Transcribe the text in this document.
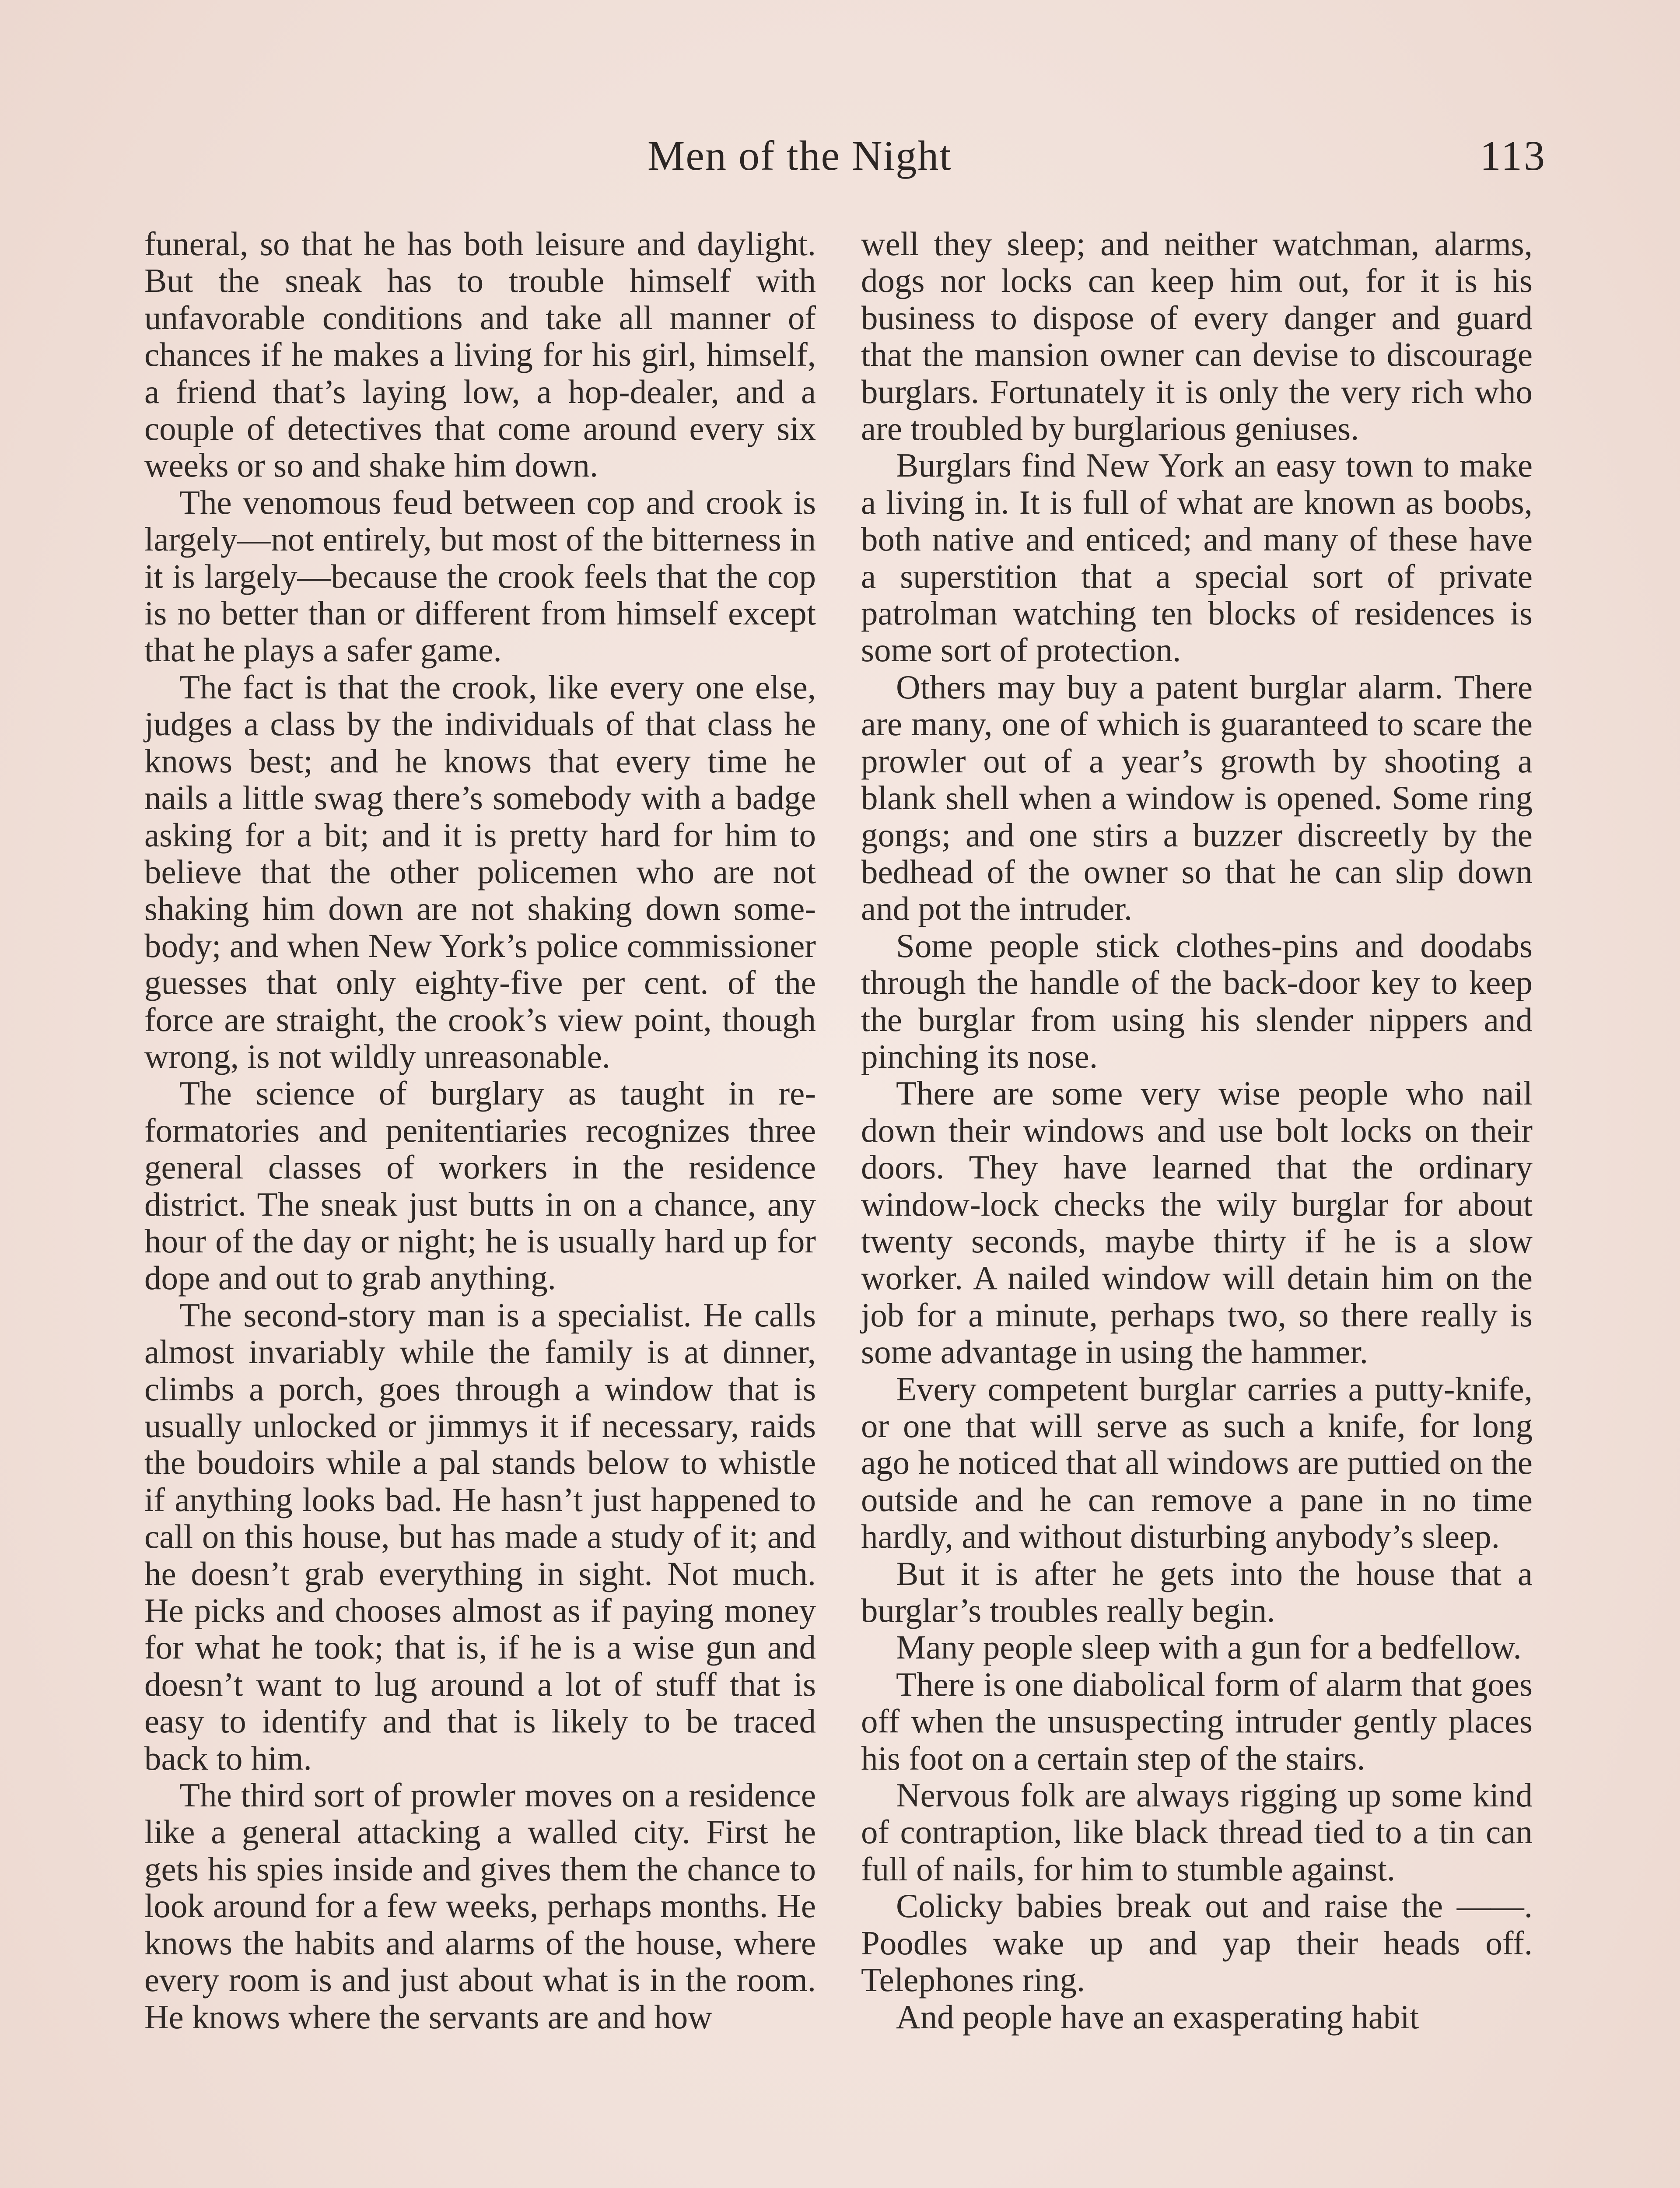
Men of the Night	113

funeral, so that he has both leisure and daylight. But the sneak has to trouble himself with unfavorable conditions and take all manner of chances if he makes a living for his girl, himself, a friend that’s laying low, a hop-dealer, and a couple of detectives that come around every six weeks or so and shake him down.

The venomous feud between cop and crook is largely—not entirely, but most of the bitterness in it is largely—because the crook feels that the cop is no better than or different from himself except that he plays a safer game.

The fact is that the crook, like every one else, judges a class by the individuals of that class he knows best; and he knows that every time he nails a little swag there’s somebody with a badge asking for a bit; and it is pretty hard for him to believe that the other policemen who are not shaking him down are not shaking down somebody; and when New York’s police commissioner guesses that only eighty-five per cent. of the force are straight, the crook’s view point, though wrong, is not wildly unreasonable.

The science of burglary as taught in reformatories and penitentiaries recognizes three general classes of workers in the residence district. The sneak just butts in on a chance, any hour of the day or night; he is usually hard up for dope and out to grab anything.

The second-story man is a specialist. He calls almost invariably while the family is at dinner, climbs a porch, goes through a window that is usually unlocked or jimmys it if necessary, raids the boudoirs while a pal stands below to whistle if anything looks bad. He hasn’t just happened to call on this house, but has made a study of it; and he doesn’t grab everything in sight. Not much. He picks and chooses almost as if paying money for what he took; that is, if he is a wise gun and doesn’t want to lug around a lot of stuff that is easy to identify and that is likely to be traced back to him.

The third sort of prowler moves on a residence like a general attacking a walled city. First he gets his spies inside and gives them the chance to look around for a few weeks, perhaps months. He knows the habits and alarms of the house, where every room is and just about what is in the room. He knows where the servants are and how

well they sleep; and neither watchman, alarms, dogs nor locks can keep him out, for it is his business to dispose of every danger and guard that the mansion owner can devise to discourage burglars. Fortunately it is only the very rich who are troubled by burglarious geniuses.

Burglars find New York an easy town to make a living in. It is full of what are known as boobs, both native and enticed; and many of these have a superstition that a special sort of private patrolman watching ten blocks of residences is some sort of protection.

Others may buy a patent burglar alarm. There are many, one of which is guaranteed to scare the prowler out of a year’s growth by shooting a blank shell when a window is opened. Some ring gongs; and one stirs a buzzer discreetly by the bedhead of the owner so that he can slip down and pot the intruder.

Some people stick clothes-pins and doodabs through the handle of the back-door key to keep the burglar from using his slender nippers and pinching its nose.

There are some very wise people who nail down their windows and use bolt locks on their doors. They have learned that the ordinary window-lock checks the wily burglar for about twenty seconds, maybe thirty if he is a slow worker. A nailed window will detain him on the job for a minute, perhaps two, so there really is some advantage in using the hammer.

Every competent burglar carries a putty-knife, or one that will serve as such a knife, for long ago he noticed that all windows are puttied on the outside and he can remove a pane in no time hardly, and without disturbing anybody’s sleep.

But it is after he gets into the house that a burglar’s troubles really begin.

Many people sleep with a gun for a bedfellow.

There is one diabolical form of alarm that goes off when the unsuspecting intruder gently places his foot on a certain step of the stairs.

Nervous folk are always rigging up some kind of contraption, like black thread tied to a tin can full of nails, for him to stumble against.

Colicky babies break out and raise the ——. Poodles wake up and yap their heads off. Telephones ring.

And people have an exasperating habit
